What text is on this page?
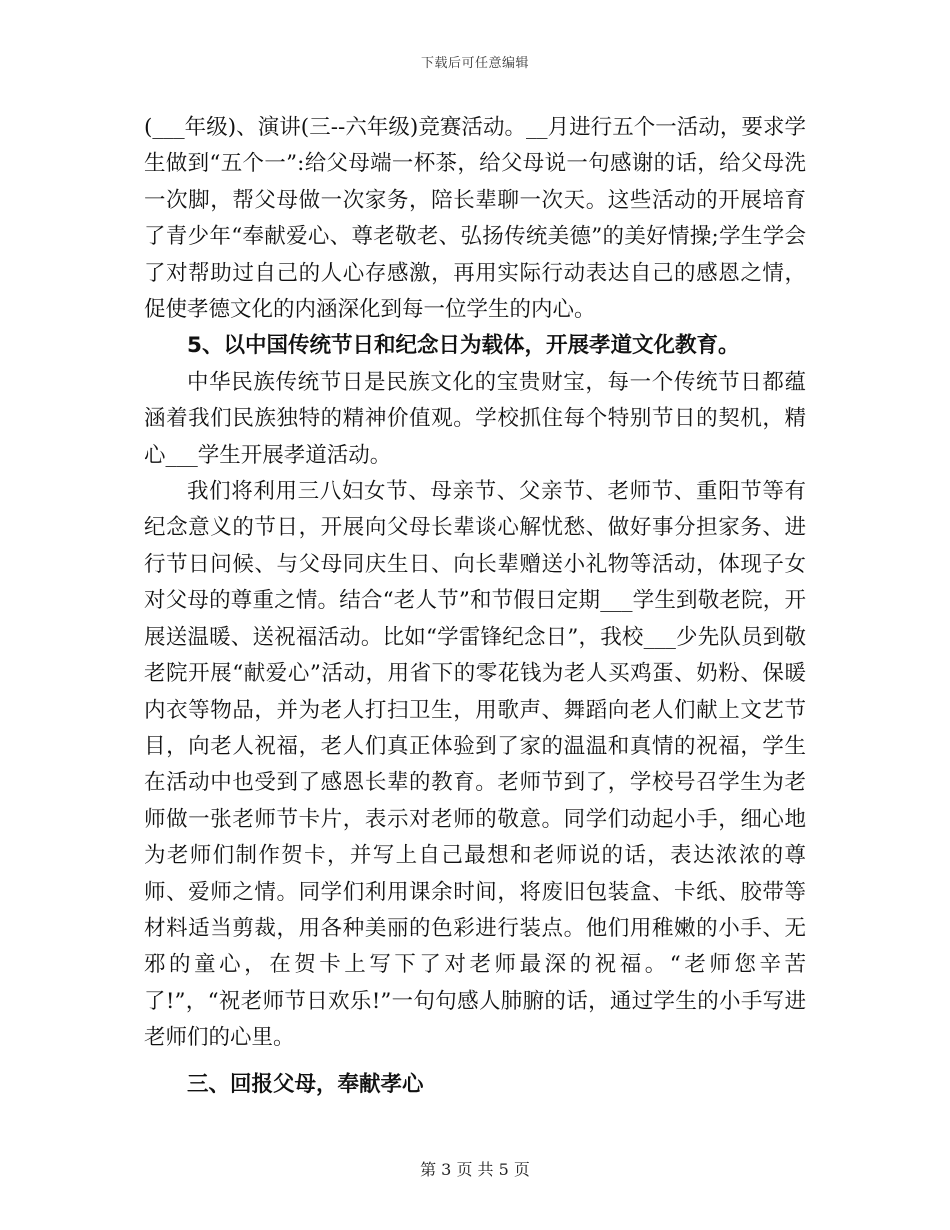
下载后可任意编辑

(___年级)、演讲(三--六年级)竞赛活动。__月进行五个一活动，要求学生做到“五个一”:给父母端一杯茶，给父母说一句感谢的话，给父母洗一次脚，帮父母做一次家务，陪长辈聊一次天。这些活动的开展培育了青少年“奉献爱心、尊老敬老、弘扬传统美德”的美好情操;学生学会了对帮助过自己的人心存感激，再用实际行动表达自己的感恩之情，促使孝德文化的内涵深化到每一位学生的内心。

5、以中国传统节日和纪念日为载体，开展孝道文化教育。

中华民族传统节日是民族文化的宝贵财宝，每一个传统节日都蕴涵着我们民族独特的精神价值观。学校抓住每个特别节日的契机，精心___学生开展孝道活动。

我们将利用三八妇女节、母亲节、父亲节、老师节、重阳节等有纪念意义的节日，开展向父母长辈谈心解忧愁、做好事分担家务、进行节日问候、与父母同庆生日、向长辈赠送小礼物等活动，体现子女对父母的尊重之情。结合“老人节”和节假日定期___学生到敬老院，开展送温暖、送祝福活动。比如“学雷锋纪念日”，我校___少先队员到敬老院开展“献爱心”活动，用省下的零花钱为老人买鸡蛋、奶粉、保暖内衣等物品，并为老人打扫卫生，用歌声、舞蹈向老人们献上文艺节目，向老人祝福，老人们真正体验到了家的温温和真情的祝福，学生在活动中也受到了感恩长辈的教育。老师节到了，学校号召学生为老师做一张老师节卡片，表示对老师的敬意。同学们动起小手，细心地为老师们制作贺卡，并写上自己最想和老师说的话，表达浓浓的尊师、爱师之情。同学们利用课余时间，将废旧包装盒、卡纸、胶带等材料适当剪裁，用各种美丽的色彩进行装点。他们用稚嫩的小手、无邪的童心，在贺卡上写下了对老师最深的祝福。“老师您辛苦了!”，“祝老师节日欢乐!”一句句感人肺腑的话，通过学生的小手写进老师们的心里。

三、回报父母，奉献孝心

第 3 页 共 5 页
